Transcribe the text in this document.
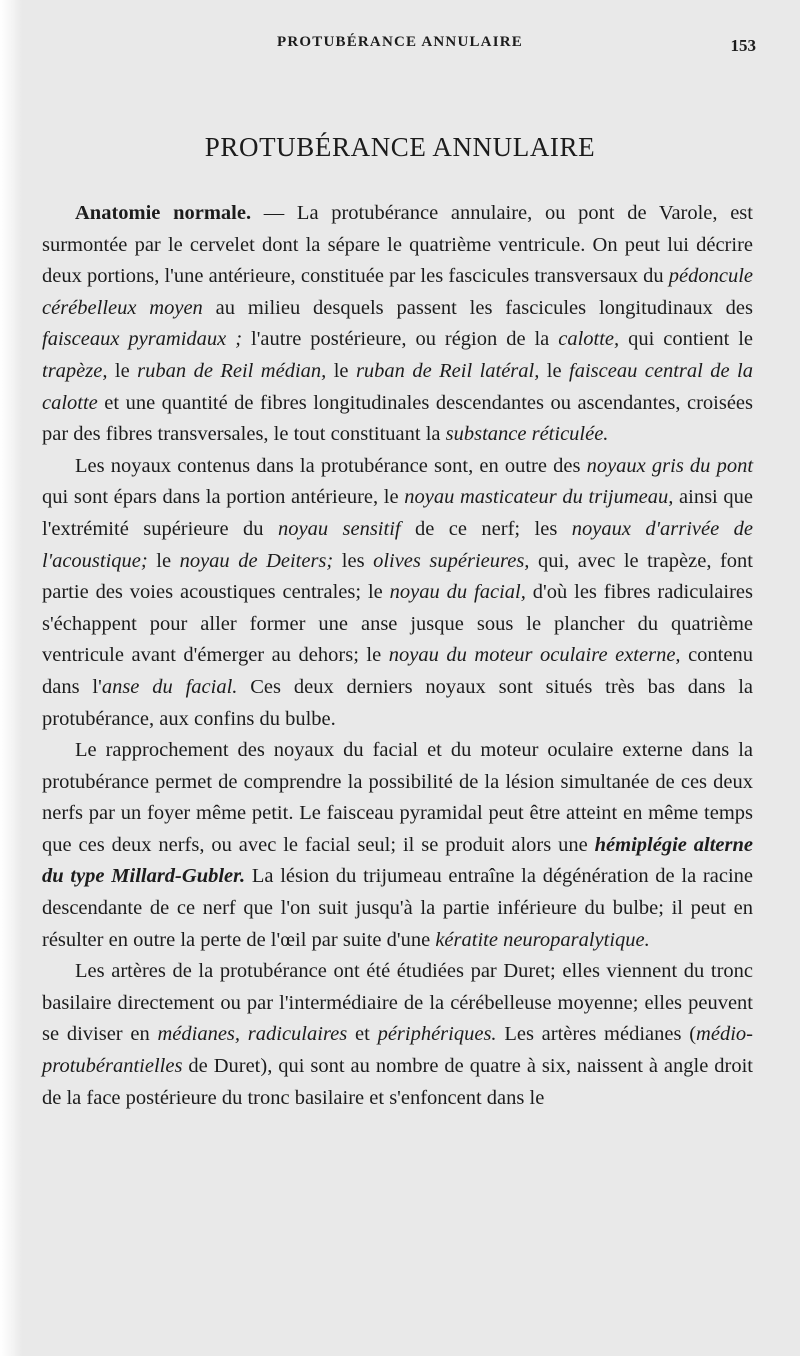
PROTUBÉRANCE ANNULAIRE	153
PROTUBÉRANCE ANNULAIRE

Anatomie normale. — La protubérance annulaire, ou pont de Varole, est surmontée par le cervelet dont la sépare le quatrième ventricule. On peut lui décrire deux portions, l'une antérieure, constituée par les fascicules transversaux du pédoncule cérébelleux moyen au milieu desquels passent les fascicules longitudinaux des faisceaux pyramidaux ; l'autre postérieure, ou région de la calotte, qui contient le trapèze, le ruban de Reil médian, le ruban de Reil latéral, le faisceau central de la calotte et une quantité de fibres longitudinales descendantes ou ascendantes, croisées par des fibres transversales, le tout constituant la substance réticulée.

Les noyaux contenus dans la protubérance sont, en outre des noyaux gris du pont qui sont épars dans la portion antérieure, le noyau masticateur du trijumeau, ainsi que l'extrémité supérieure du noyau sensitif de ce nerf; les noyaux d'arrivée de l'acoustique; le noyau de Deiters; les olives supérieures, qui, avec le trapèze, font partie des voies acoustiques centrales; le noyau du facial, d'où les fibres radiculaires s'échappent pour aller former une anse jusque sous le plancher du quatrième ventricule avant d'émerger au dehors; le noyau du moteur oculaire externe, contenu dans l'anse du facial. Ces deux derniers noyaux sont situés très bas dans la protubérance, aux confins du bulbe.

Le rapprochement des noyaux du facial et du moteur oculaire externe dans la protubérance permet de comprendre la possibilité de la lésion simultanée de ces deux nerfs par un foyer même petit. Le faisceau pyramidal peut être atteint en même temps que ces deux nerfs, ou avec le facial seul; il se produit alors une hémiplégie alterne du type Millard-Gubler. La lésion du trijumeau entraîne la dégénération de la racine descendante de ce nerf que l'on suit jusqu'à la partie inférieure du bulbe; il peut en résulter en outre la perte de l'œil par suite d'une kératite neuroparalytique.

Les artères de la protubérance ont été étudiées par Duret; elles viennent du tronc basilaire directement ou par l'intermédiaire de la cérébelleuse moyenne; elles peuvent se diviser en médianes, radiculaires et périphériques. Les artères médianes (médio-protubérantielles de Duret), qui sont au nombre de quatre à six, naissent à angle droit de la face postérieure du tronc basilaire et s'enfoncent dans le
